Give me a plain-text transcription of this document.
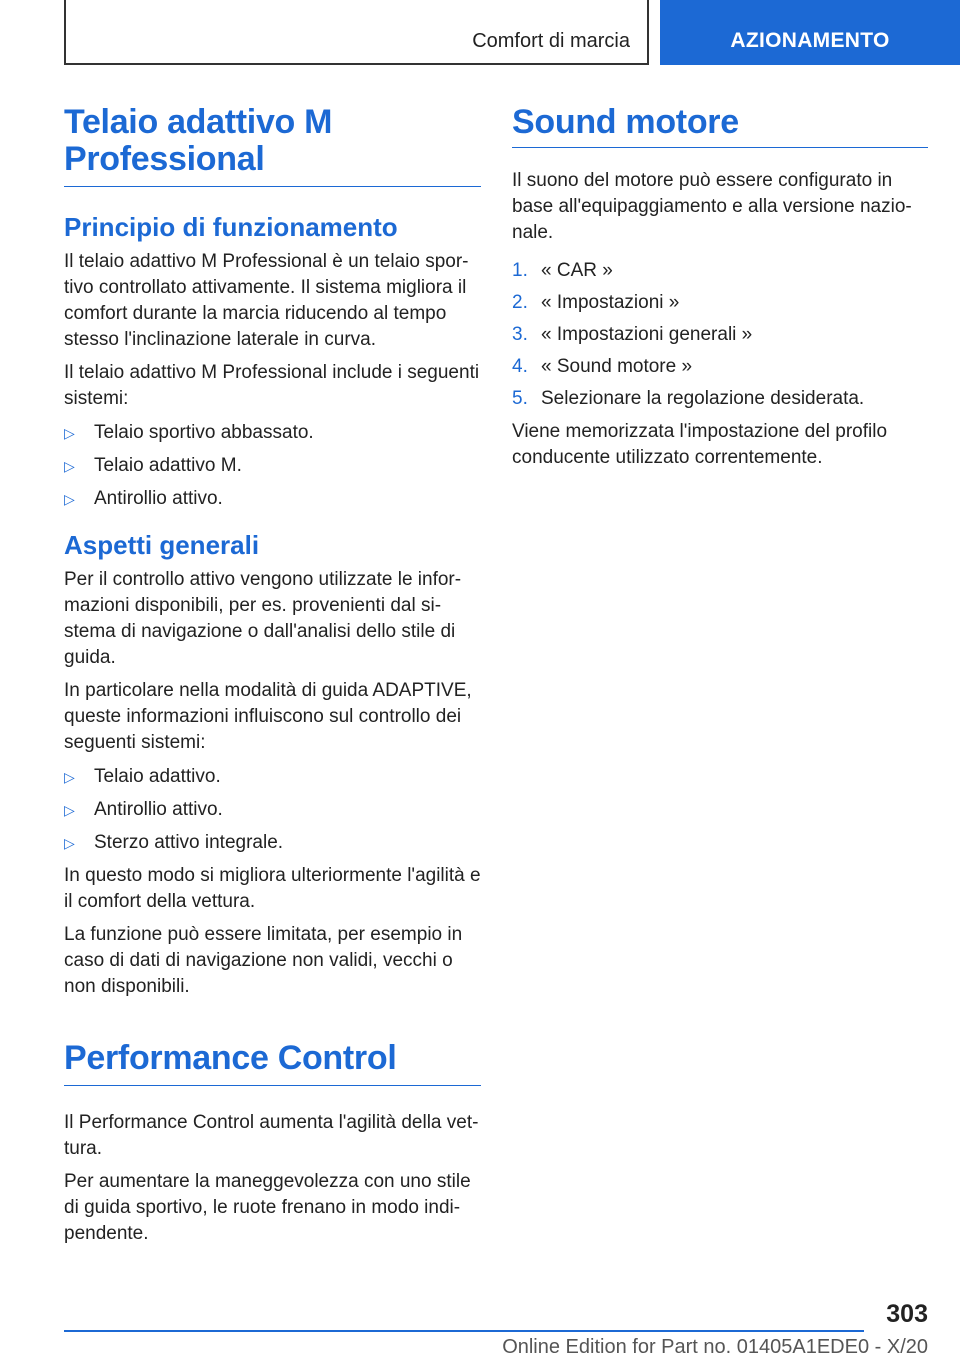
Comfort di marcia	AZIONAMENTO
Telaio adattivo M Professional
Principio di funzionamento

Il telaio adattivo M Professional è un telaio spor-tivo controllato attivamente. Il sistema migliora il comfort durante la marcia riducendo al tempo stesso l'inclinazione laterale in curva.

Il telaio adattivo M Professional include i seguenti sistemi:

▷ Telaio sportivo abbassato.
▷ Telaio adattivo M.
▷ Antirollio attivo.
Aspetti generali

Per il controllo attivo vengono utilizzate le infor-mazioni disponibili, per es. provenienti dal si-stema di navigazione o dall'analisi dello stile di guida.

In particolare nella modalità di guida ADAPTIVE, queste informazioni influiscono sul controllo dei seguenti sistemi:

▷ Telaio adattivo.
▷ Antirollio attivo.
▷ Sterzo attivo integrale.

In questo modo si migliora ulteriormente l'agilità e il comfort della vettura.

La funzione può essere limitata, per esempio in caso di dati di navigazione non validi, vecchi o non disponibili.

Performance Control

Il Performance Control aumenta l'agilità della vet-tura.

Per aumentare la maneggevolezza con uno stile di guida sportivo, le ruote frenano in modo indi-pendente.

Sound motore

Il suono del motore può essere configurato in base all'equipaggiamento e alla versione nazio-nale.

1. « CAR »
2. « Impostazioni »
3. « Impostazioni generali »
4. « Sound motore »
5. Selezionare la regolazione desiderata.

Viene memorizzata l'impostazione del profilo conducente utilizzato correntemente.

303
Online Edition for Part no. 01405A1EDE0 - X/20
